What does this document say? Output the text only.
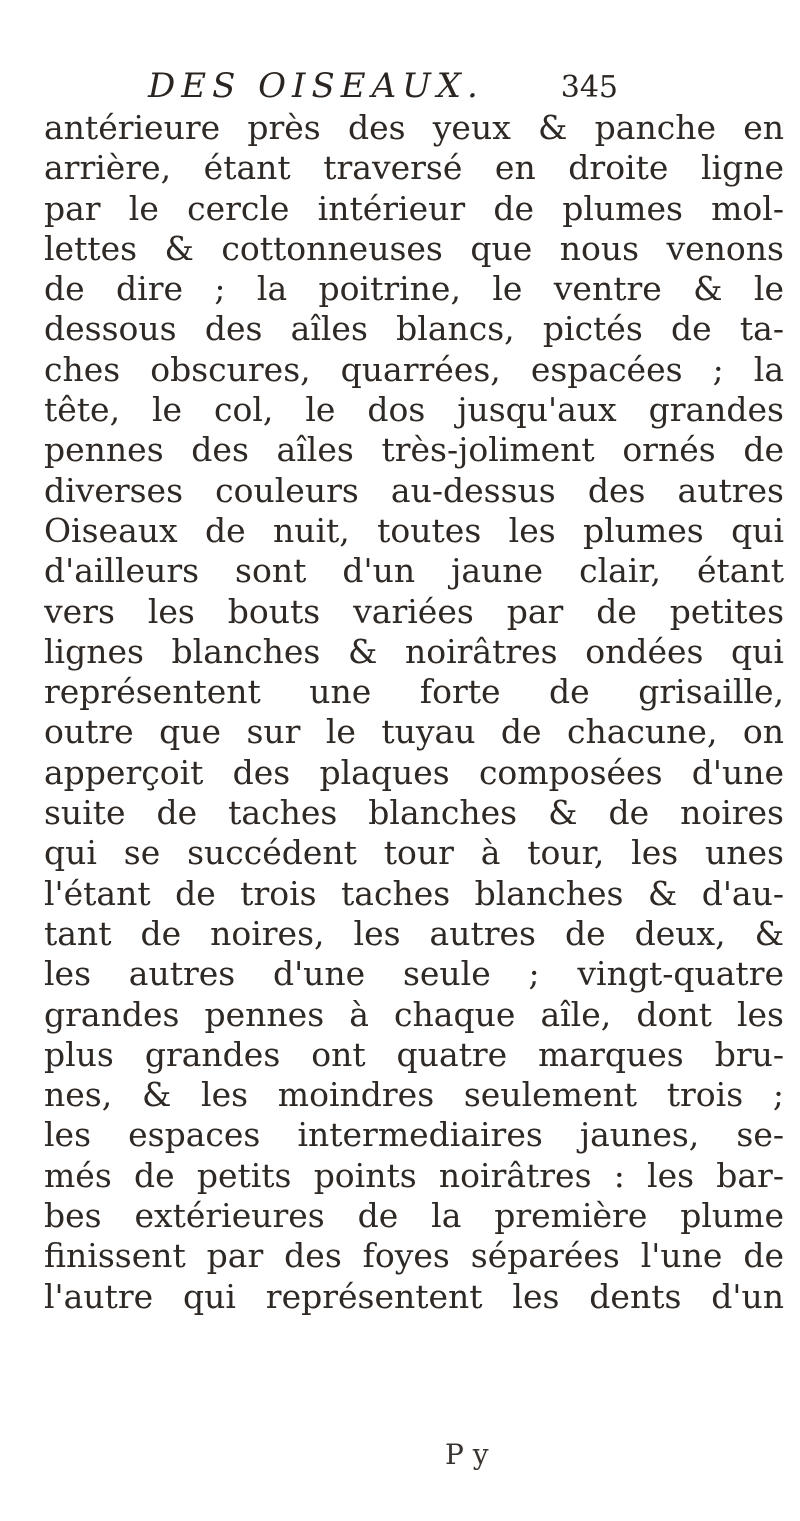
DES OISEAUX.	345
antérieure près des yeux & panche en
arrière, étant traversé en droite ligne
par le cercle intérieur de plumes mol-
lettes & cottonneuses que nous venons
de dire ; la poitrine, le ventre & le
dessous des aîles blancs, pictés de ta-
ches obscures, quarrées, espacées ; la
tête, le col, le dos jusqu'aux grandes
pennes des aîles très-joliment ornés de
diverses couleurs au-dessus des autres
Oiseaux de nuit, toutes les plumes qui
d'ailleurs sont d'un jaune clair, étant
vers les bouts variées par de petites
lignes blanches & noirâtres ondées qui
représentent une forte de grisaille,
outre que sur le tuyau de chacune, on
apperçoit des plaques composées d'une
suite de taches blanches & de noires
qui se succédent tour à tour, les unes
l'étant de trois taches blanches & d'au-
tant de noires, les autres de deux, &
les autres d'une seule ; vingt-quatre
grandes pennes à chaque aîle, dont les
plus grandes ont quatre marques bru-
nes, & les moindres seulement trois ;
les espaces intermediaires jaunes, se-
més de petits points noirâtres : les bar-
bes extérieures de la première plume
finissent par des foyes séparées l'une de
l'autre qui représentent les dents d'un
P y
